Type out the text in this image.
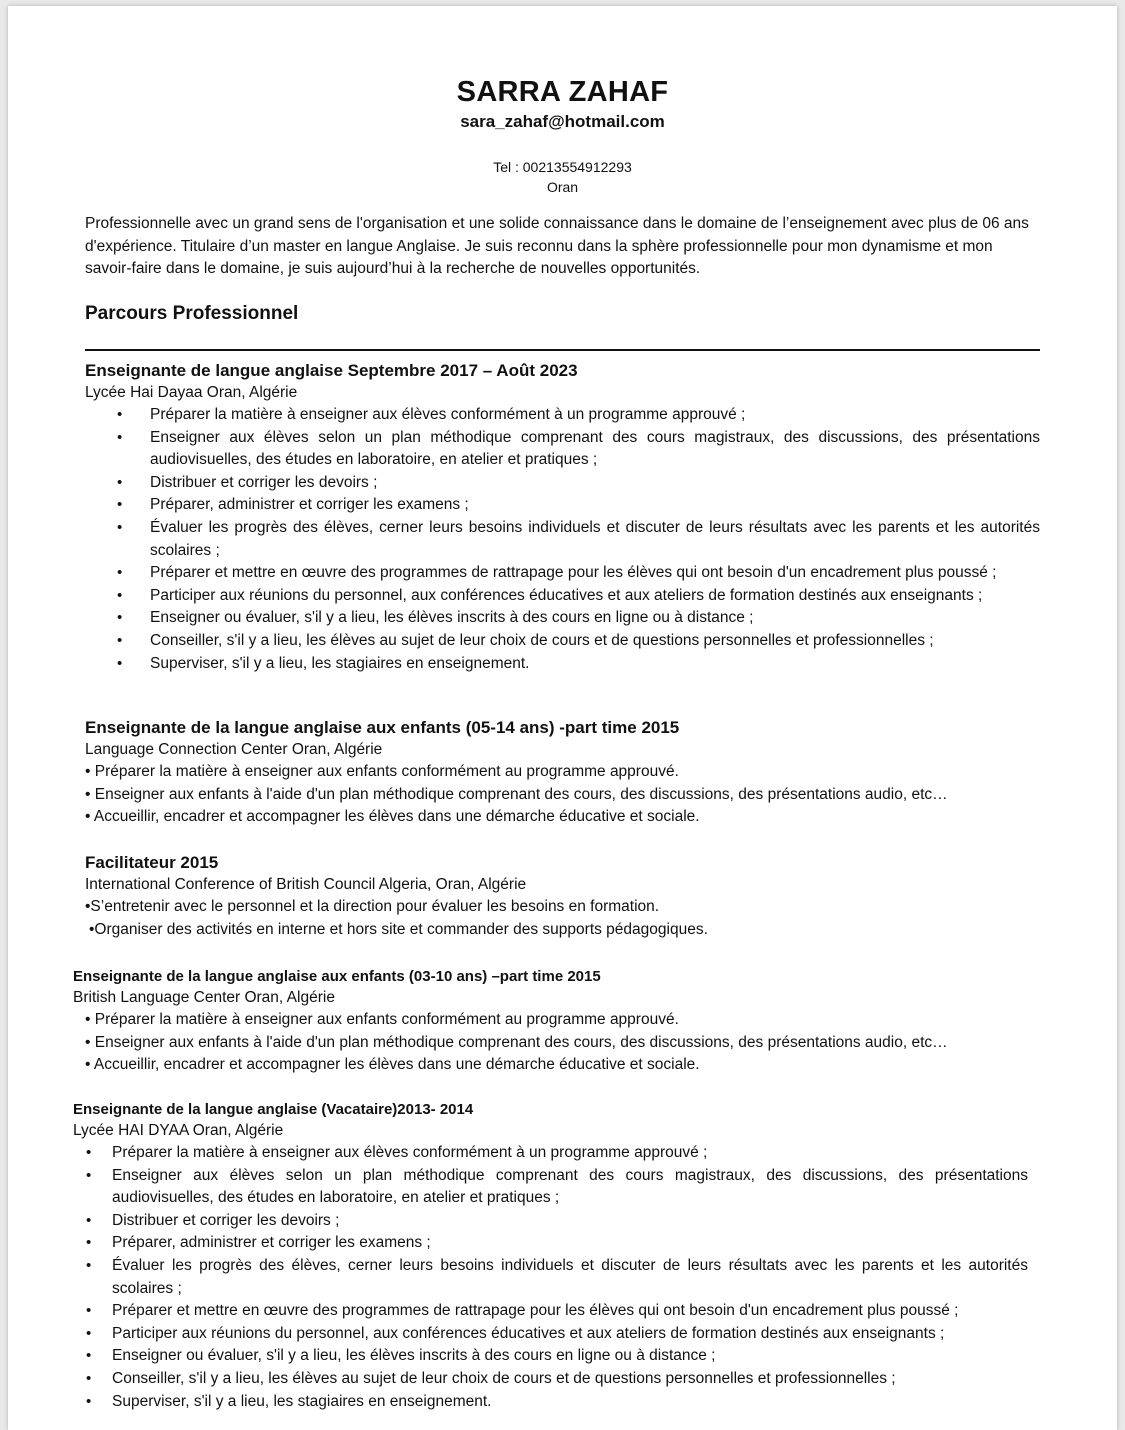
SARRA ZAHAF
sara_zahaf@hotmail.com
Tel : 00213554912293
Oran
Professionnelle avec un grand sens de l'organisation et une solide connaissance dans le domaine de l’enseignement avec plus de 06 ans d'expérience. Titulaire d’un master en langue Anglaise. Je suis reconnu dans la sphère professionnelle pour mon dynamisme et mon savoir-faire dans le domaine, je suis aujourd’hui à la recherche de nouvelles opportunités.
Parcours Professionnel
Enseignante de langue anglaise Septembre 2017 – Août 2023
Lycée Hai Dayaa Oran, Algérie
• Préparer la matière à enseigner aux élèves conformément à un programme approuvé ;
• Enseigner aux élèves selon un plan méthodique comprenant des cours magistraux, des discussions, des présentations audiovisuelles, des études en laboratoire, en atelier et pratiques ;
• Distribuer et corriger les devoirs ;
• Préparer, administrer et corriger les examens ;
• Évaluer les progrès des élèves, cerner leurs besoins individuels et discuter de leurs résultats avec les parents et les autorités scolaires ;
• Préparer et mettre en œuvre des programmes de rattrapage pour les élèves qui ont besoin d'un encadrement plus poussé ;
• Participer aux réunions du personnel, aux conférences éducatives et aux ateliers de formation destinés aux enseignants ;
• Enseigner ou évaluer, s'il y a lieu, les élèves inscrits à des cours en ligne ou à distance ;
• Conseiller, s'il y a lieu, les élèves au sujet de leur choix de cours et de questions personnelles et professionnelles ;
• Superviser, s'il y a lieu, les stagiaires en enseignement.
Enseignante de la langue anglaise aux enfants (05-14 ans) -part time 2015
Language Connection Center Oran, Algérie
• Préparer la matière à enseigner aux enfants conformément au programme approuvé.
• Enseigner aux enfants à l'aide d'un plan méthodique comprenant des cours, des discussions, des présentations audio, etc…
• Accueillir, encadrer et accompagner les élèves dans une démarche éducative et sociale.
Facilitateur 2015
International Conference of British Council Algeria, Oran, Algérie
•S’entretenir avec le personnel et la direction pour évaluer les besoins en formation.
•Organiser des activités en interne et hors site et commander des supports pédagogiques.
Enseignante de la langue anglaise aux enfants (03-10 ans) –part time 2015
British Language Center Oran, Algérie
• Préparer la matière à enseigner aux enfants conformément au programme approuvé.
• Enseigner aux enfants à l'aide d'un plan méthodique comprenant des cours, des discussions, des présentations audio, etc…
• Accueillir, encadrer et accompagner les élèves dans une démarche éducative et sociale.
Enseignante de la langue anglaise (Vacataire)2013- 2014
Lycée HAI DYAA Oran, Algérie
• Préparer la matière à enseigner aux élèves conformément à un programme approuvé ;
• Enseigner aux élèves selon un plan méthodique comprenant des cours magistraux, des discussions, des présentations audiovisuelles, des études en laboratoire, en atelier et pratiques ;
• Distribuer et corriger les devoirs ;
• Préparer, administrer et corriger les examens ;
• Évaluer les progrès des élèves, cerner leurs besoins individuels et discuter de leurs résultats avec les parents et les autorités scolaires ;
• Préparer et mettre en œuvre des programmes de rattrapage pour les élèves qui ont besoin d'un encadrement plus poussé ;
• Participer aux réunions du personnel, aux conférences éducatives et aux ateliers de formation destinés aux enseignants ;
• Enseigner ou évaluer, s'il y a lieu, les élèves inscrits à des cours en ligne ou à distance ;
• Conseiller, s'il y a lieu, les élèves au sujet de leur choix de cours et de questions personnelles et professionnelles ;
• Superviser, s'il y a lieu, les stagiaires en enseignement.
